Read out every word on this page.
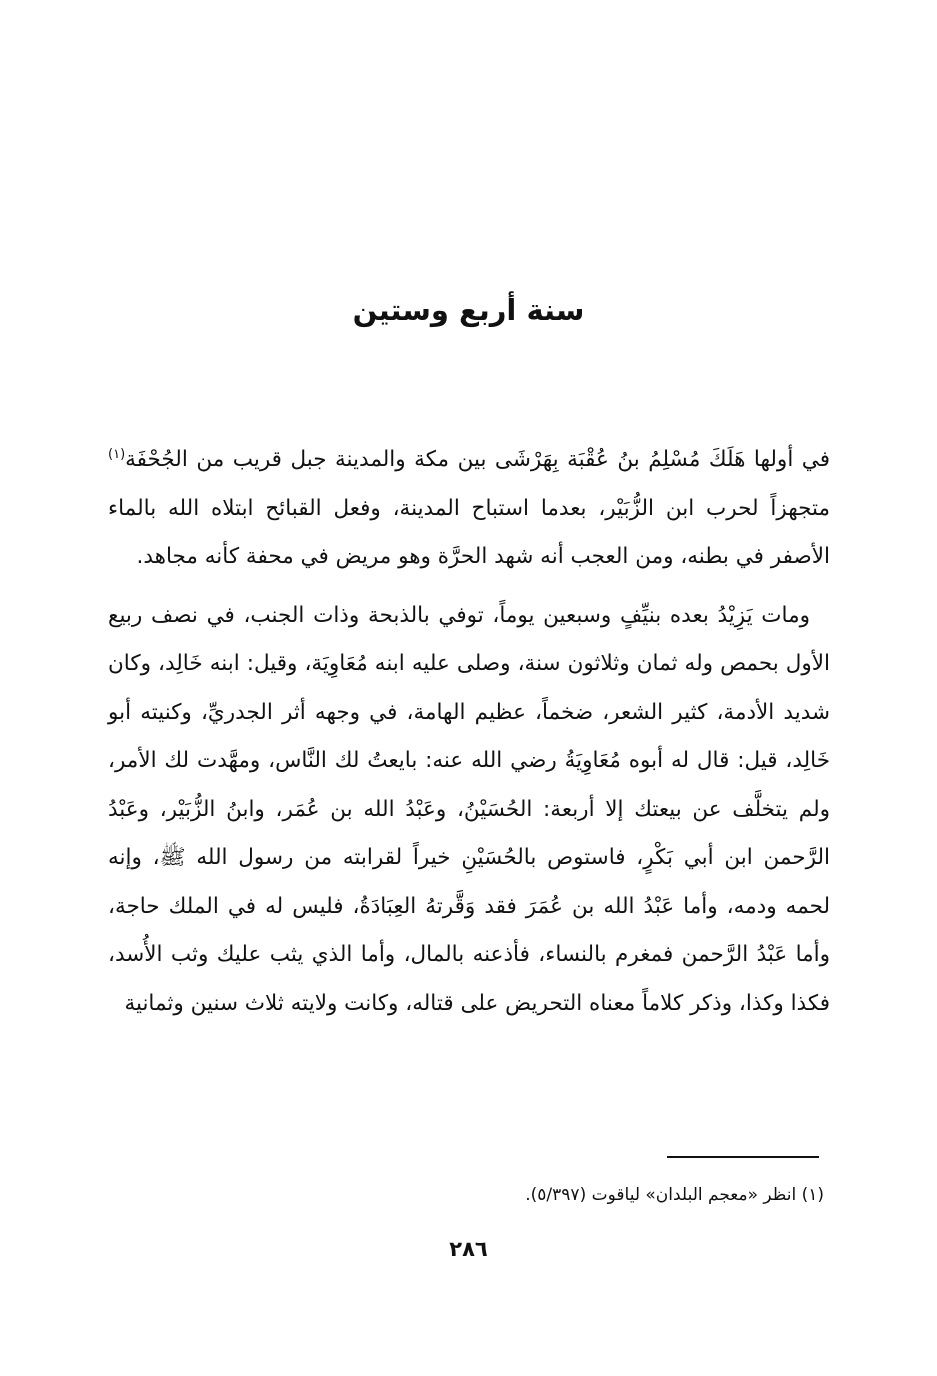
سنة أربع وستين

في أولها هَلَكَ مُسْلِمُ بنُ عُقْبَة بِهَرْشَى بين مكة والمدينة جبل قريب من الجُحْفَة$^{(١)}$ متجهزاً لحرب ابن الزُّبَيْر، بعدما استباح المدينة، وفعل القبائح ابتلاه الله بالماء الأصفر في بطنه، ومن العجب أنه شهد الحرَّة وهو مريض في محفة كأنه مجاهد.

ومات يَزِيْدُ بعده بنيِّفٍ وسبعين يوماً، توفي بالذبحة وذات الجنب، في نصف ربيع الأول بحمص وله ثمان وثلاثون سنة، وصلى عليه ابنه مُعَاوِيَة، وقيل: ابنه خَالِد، وكان شديد الأدمة، كثير الشعر، ضخماً، عظيم الهامة، في وجهه أثر الجدريِّ، وكنيته أبو خَالِد، قيل: قال له أبوه مُعَاوِيَةُ رضي الله عنه: بايعتُ لك النَّاس، ومهَّدت لك الأمر، ولم يتخلَّف عن بيعتك إلا أربعة: الحُسَيْنُ، وعَبْدُ الله بن عُمَر، وابنُ الزُّبَيْر، وعَبْدُ الرَّحمن ابن أبي بَكْرٍ، فاستوص بالحُسَيْنِ خيراً لقرابته من رسول الله ﷺ، وإنه لحمه ودمه، وأما عَبْدُ الله بن عُمَرَ فقد وَقَّرتهُ العِبَادَةُ، فليس له في الملك حاجة، وأما عَبْدُ الرَّحمن فمغرم بالنساء، فأذعنه بالمال، وأما الذي يثب عليك وثب الأُسد، فكذا وكذا، وذكر كلاماً معناه التحريض على قتاله، وكانت ولايته ثلاث سنين وثمانية

(١) انظر «معجم البلدان» لياقوت (٥/٣٩٧).
٢٨٦
